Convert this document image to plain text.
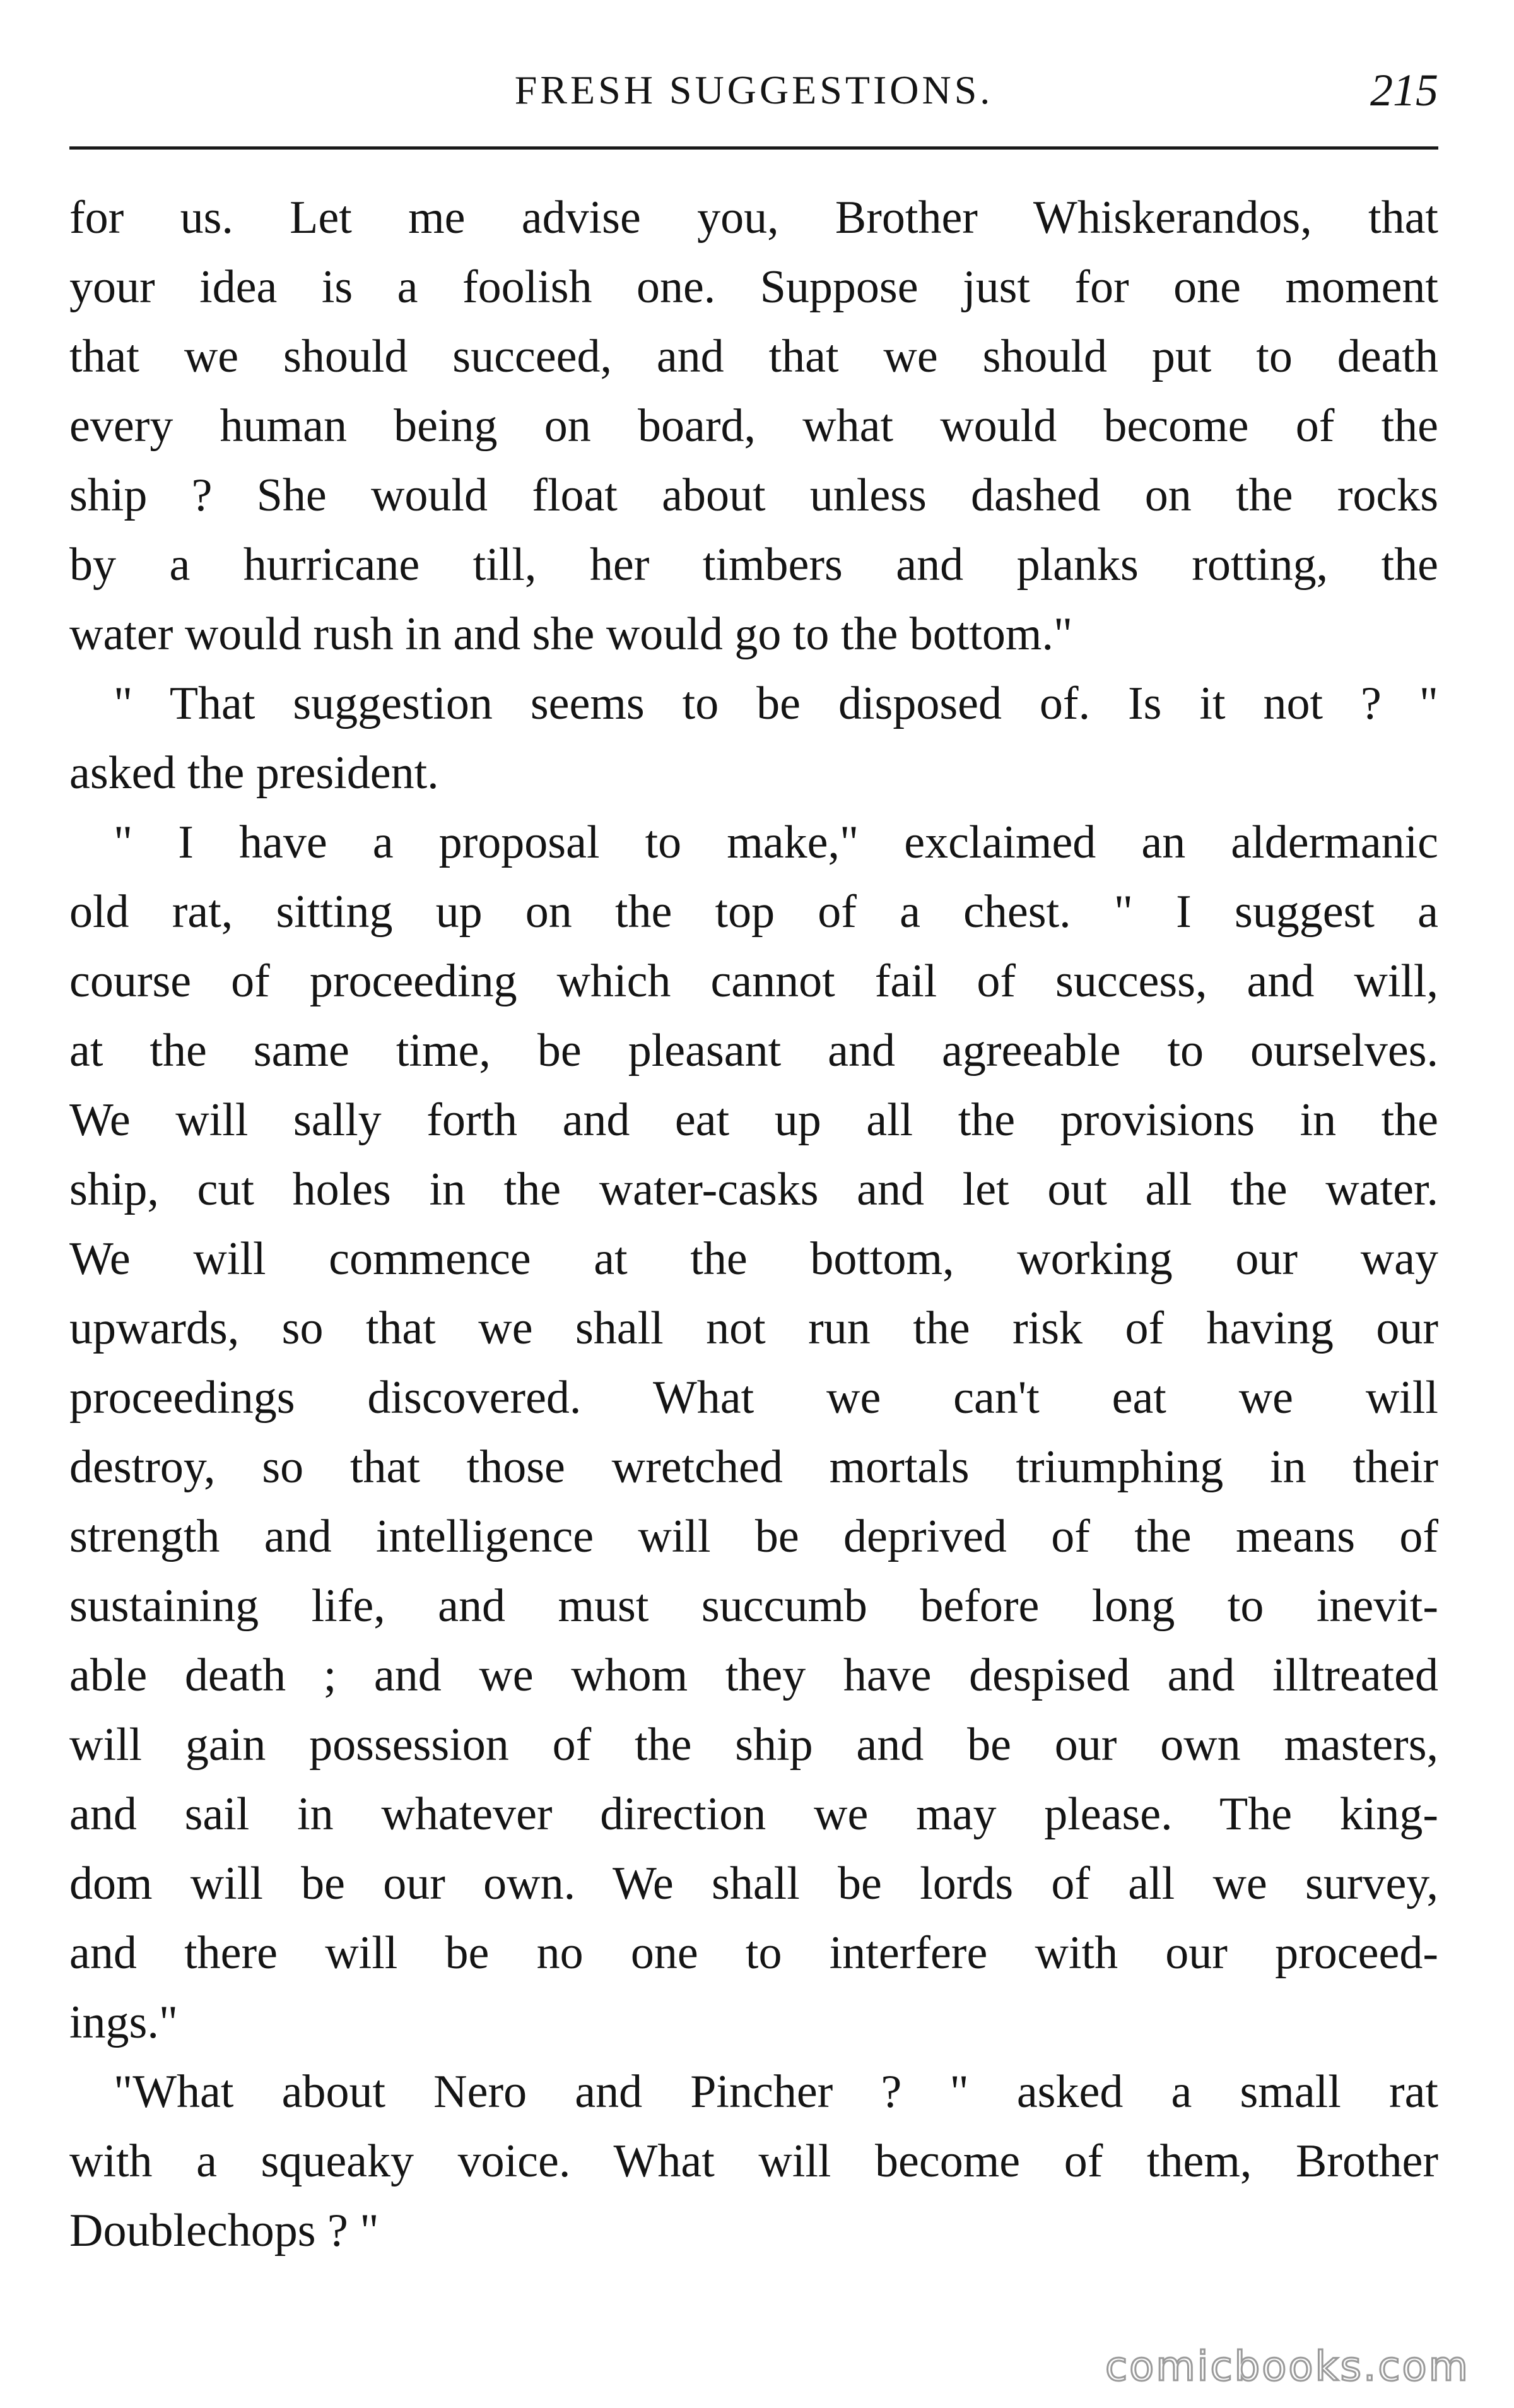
FRESH SUGGESTIONS.	215
for us. Let me advise you, Brother Whiskerandos, that
your idea is a foolish one. Suppose just for one moment
that we should succeed, and that we should put to death
every human being on board, what would become of the
ship ? She would float about unless dashed on the rocks
by a hurricane till, her timbers and planks rotting, the
water would rush in and she would go to the bottom."
" That suggestion seems to be disposed of. Is it not ? "
asked the president.
" I have a proposal to make," exclaimed an aldermanic
old rat, sitting up on the top of a chest. " I suggest a
course of proceeding which cannot fail of success, and will,
at the same time, be pleasant and agreeable to ourselves.
We will sally forth and eat up all the provisions in the
ship, cut holes in the water-casks and let out all the water.
We will commence at the bottom, working our way
upwards, so that we shall not run the risk of having our
proceedings discovered. What we can't eat we will
destroy, so that those wretched mortals triumphing in their
strength and intelligence will be deprived of the means of
sustaining life, and must succumb before long to inevit-
able death ; and we whom they have despised and illtreated
will gain possession of the ship and be our own masters,
and sail in whatever direction we may please. The king-
dom will be our own. We shall be lords of all we survey,
and there will be no one to interfere with our proceed-
ings."
"What about Nero and Pincher ? " asked a small rat
with a squeaky voice. What will become of them, Brother
Doublechops ? "
comicbooks.com
